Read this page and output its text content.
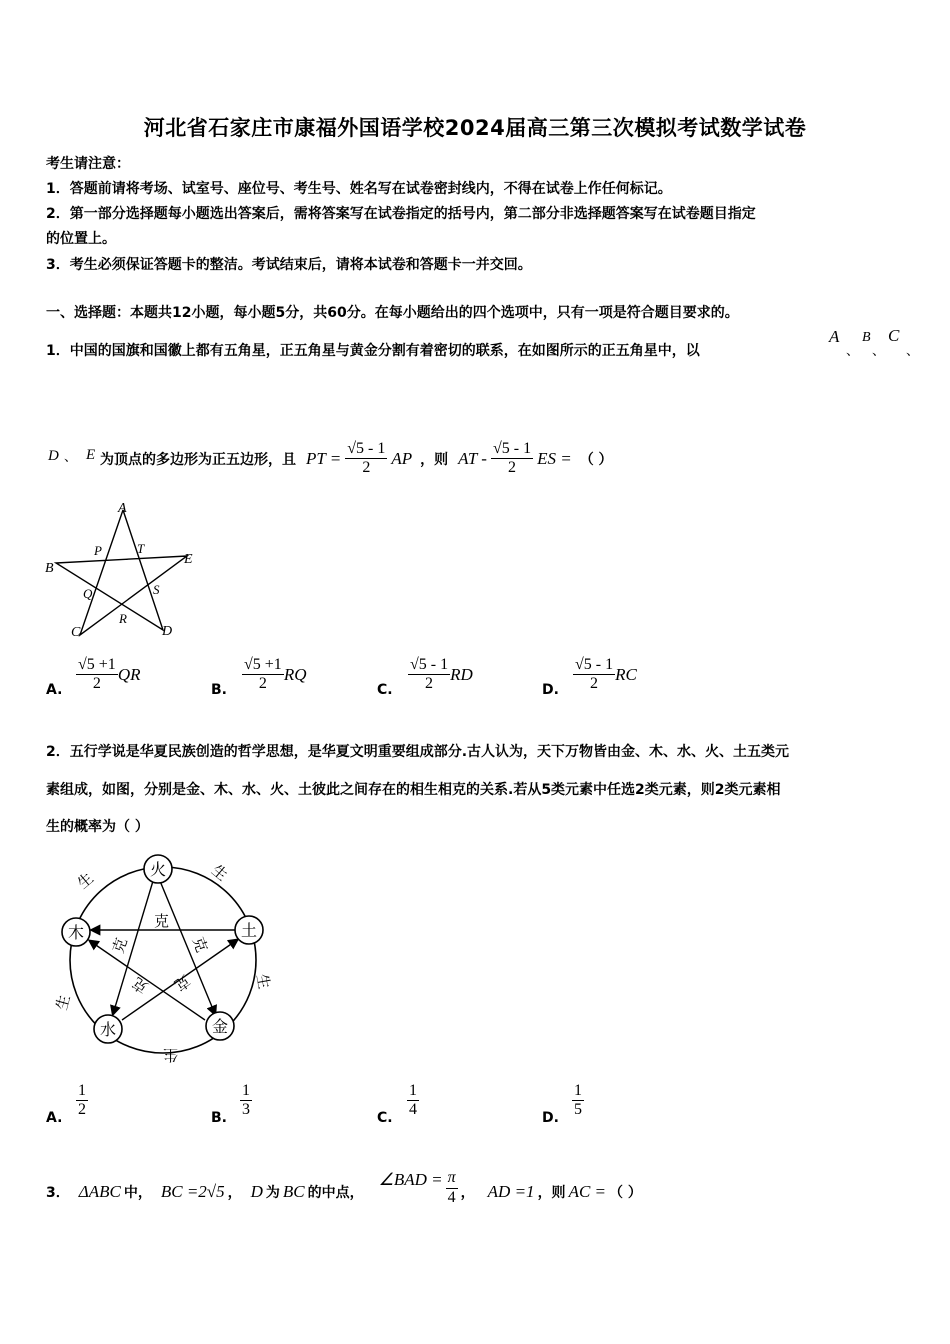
河北省石家庄市康福外国语学校2024届高三第三次模拟考试数学试卷
考生请注意：
1．答题前请将考场、试室号、座位号、考生号、姓名写在试卷密封线内，不得在试卷上作任何标记。
2．第一部分选择题每小题选出答案后，需将答案写在试卷指定的括号内，第二部分非选择题答案写在试卷题目指定
的位置上。
3．考生必须保证答题卡的整洁。考试结束后，请将本试卷和答题卡一并交回。
一、选择题：本题共12小题，每小题5分，共60分。在每小题给出的四个选项中，只有一项是符合题目要求的。
1．中国的国旗和国徽上都有五角星，正五角星与黄金分割有着密切的联系，在如图所示的正五角星中，以
A
、
B
、
C
、
D 、 E 为顶点的多边形为正五边形，且 PT = $\frac{√5 - 1}{2}$ AP ，则 AT - $\frac{√5 - 1}{2}$ ES = （ ）
A
B
C	D
E
P	T
Q
R
S
A. $\frac{√5 +1}{2}$ QR
B. $\frac{√5 +1}{2}$ RQ
C. $\frac{√5 - 1}{2}$ RD
D. $\frac{√5 - 1}{2}$ RC
2．五行学说是华夏民族创造的哲学思想，是华夏文明重要组成部分.古人认为，天下万物皆由金、木、水、火、土五类元
素组成，如图，分别是金、木、水、火、土彼此之间存在的相生相克的关系.若从5类元素中任选2类元素，则2类元素相
生的概率为（ ）
火
土
金
水
木
生	生
生
生
生
克
克	克
克 克
A. $\frac{1}{2}$	B. $\frac{1}{3}$	C. $\frac{1}{4}$	D. $\frac{1}{5}$
3． ΔABC 中， BC =2√5 ， D 为 BC 的中点，
∠BAD = $\frac{\pi}{4}$ ， AD =1 ，则 AC = （ ）
